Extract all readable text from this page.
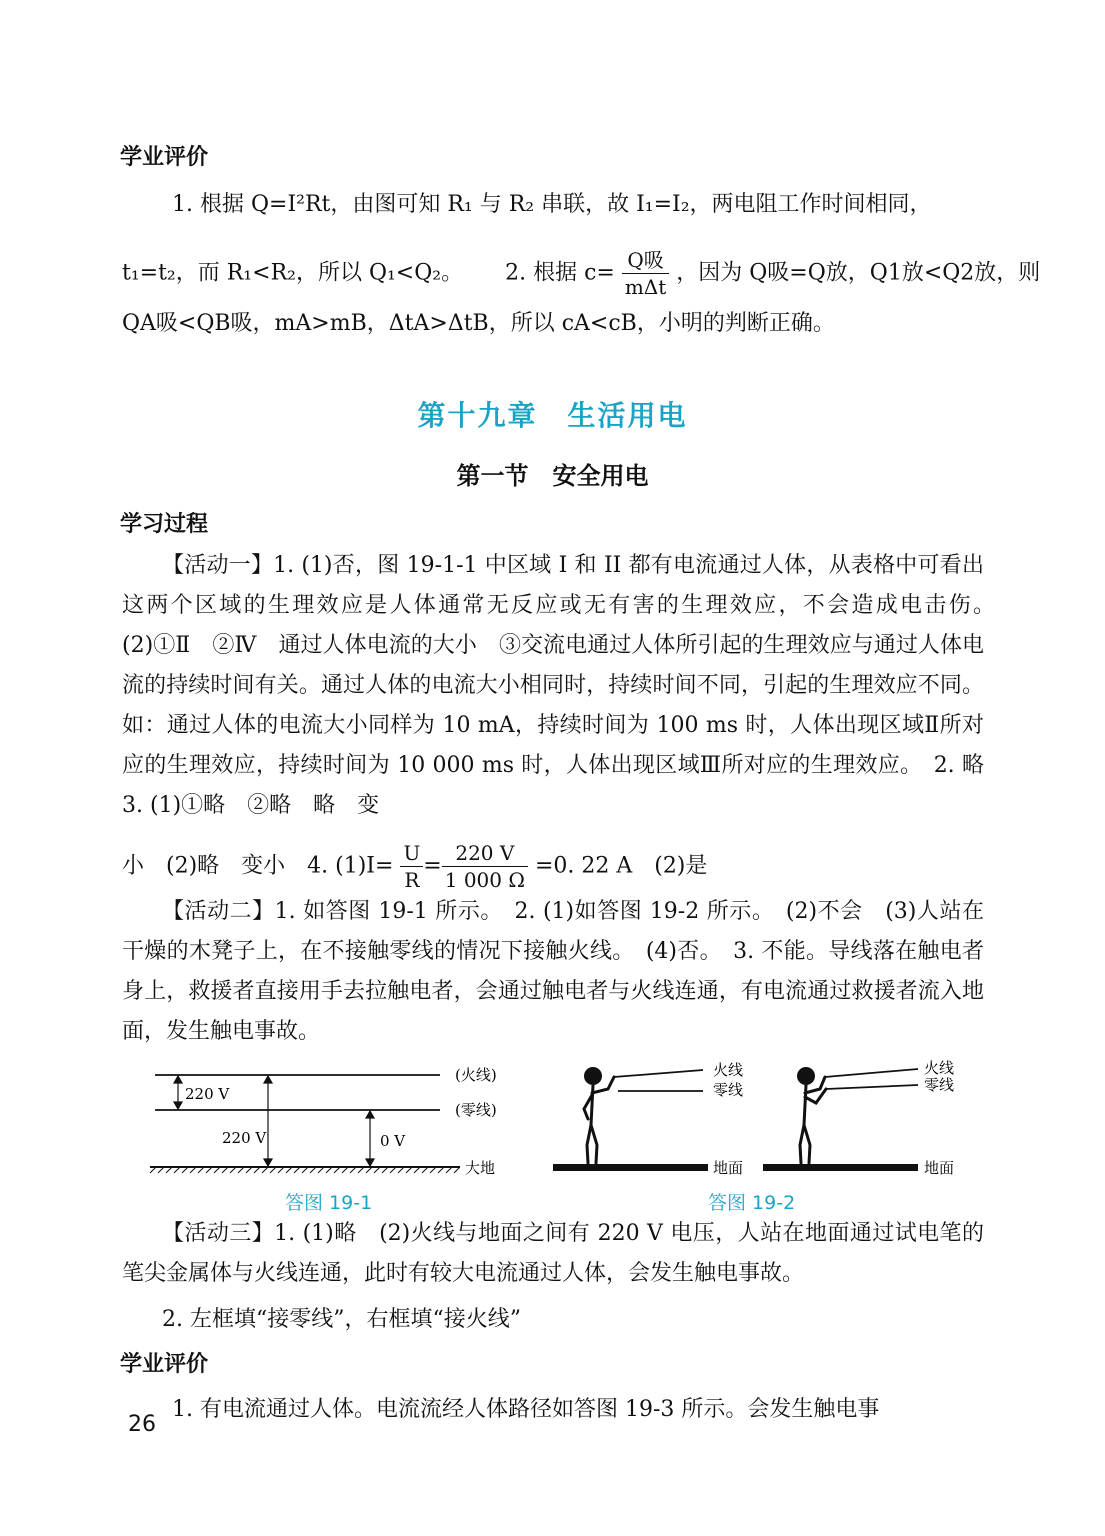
学业评价
1. 根据 Q=I²Rt，由图可知 R₁ 与 R₂ 串联，故 I₁=I₂，两电阻工作时间相同，
t₁=t₂，而 R₁<R₂，所以 Q₁<Q₂。 2. 根据 $c= \frac{\text{Q吸}}{\text{mΔt}}$ ，因为 Q吸=Q放，Q1放<Q2放，则
QA吸<QB吸，mA>mB，ΔtA>ΔtB，所以 cA<cB，小明的判断正确。
第十九章　生活用电
第一节　安全用电
学习过程
【活动一】1. (1)否，图 19-1-1 中区域 I 和 II 都有电流通过人体，从表格中可看出这两个区域的生理效应是人体通常无反应或无有害的生理效应，不会造成电击伤。　(2)①Ⅱ　②Ⅳ　通过人体电流的大小　③交流电通过人体所引起的生理效应与通过人体电流的持续时间有关。通过人体的电流大小相同时，持续时间不同，引起的生理效应不同。如：通过人体的电流大小同样为 10 mA，持续时间为 100 ms 时，人体出现区域Ⅱ所对应的生理效应，持续时间为 10 000 ms 时，人体出现区域Ⅲ所对应的生理效应。　2. 略　3. (1)①略　②略　略　变
小　(2)略　变小　4. $(1)I= \frac{U}{R} = \frac{220 V}{1 000 \Omega} =0$. 22 A　(2)是
【活动二】1. 如答图 19-1 所示。　2. (1)如答图 19-2 所示。　(2)不会　(3)人站在干燥的木凳子上，在不接触零线的情况下接触火线。　(4)否。　3. 不能。导线落在触电者身上，救援者直接用手去拉触电者，会通过触电者与火线连通，有电流通过救援者流入地面，发生触电事故。
220 V
220 V	0 V
(火线)
(零线)
大地
答图 19-1
火线
零线
地面
火线
零线
地面
答图 19-2
【活动三】1. (1)略　(2)火线与地面之间有 220 V 电压，人站在地面通过试电笔的笔尖金属体与火线连通，此时有较大电流通过人体，会发生触电事故。
2. 左框填“接零线”，右框填“接火线”
学业评价
1. 有电流通过人体。电流流经人体路径如答图 19-3 所示。会发生触电事
26
